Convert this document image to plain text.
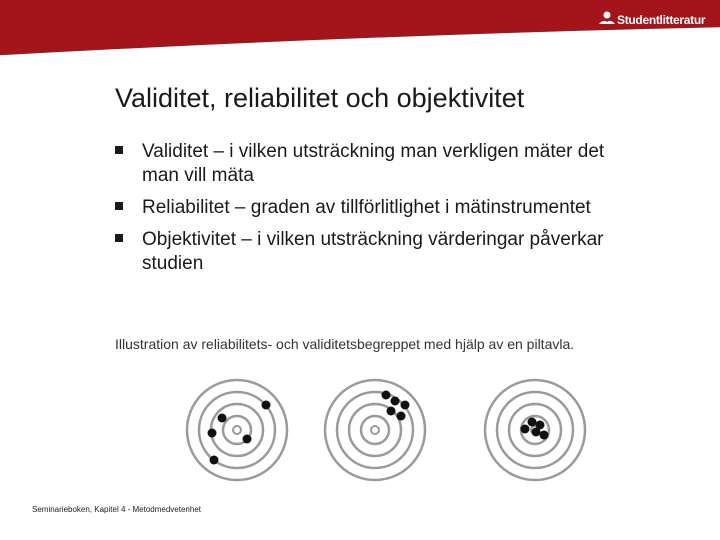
Studentlitteratur
ett förlag med sikt framåt
Validitet, reliabilitet och objektivitet
Validitet – i vilken utsträckning man verkligen mäter det man vill mäta
Reliabilitet – graden av tillförlitlighet i mätinstrumentet
Objektivitet – i vilken utsträckning värderingar påverkar studien
Illustration av reliabilitets- och validitetsbegreppet med hjälp av en piltavla.
Seminarieboken, Kapitel 4 - Metodmedvetenhet
